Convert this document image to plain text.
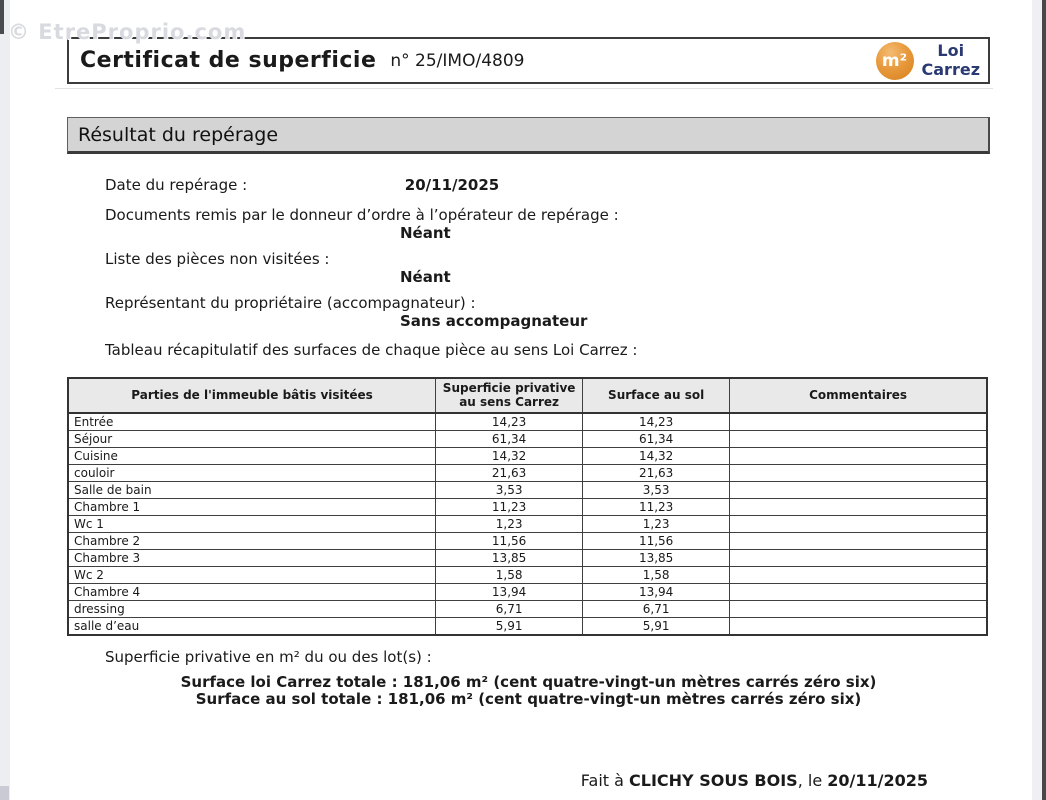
© EtreProprio.com
Certificat de superficie n° 25/IMO/4809	m²	Loi
Carrez
Résultat du repérage
Date du repérage :	20/11/2025
Documents remis par le donneur d’ordre à l’opérateur de repérage :
Néant
Liste des pièces non visitées :
Néant
Représentant du propriétaire (accompagnateur) :
Sans accompagnateur
Tableau récapitulatif des surfaces de chaque pièce au sens Loi Carrez :
Parties de l'immeuble bâtis visitées	Superficie privative au sens Carrez	Surface au sol	Commentaires
Entrée	14,23	14,23	
Séjour	61,34	61,34	
Cuisine	14,32	14,32	
couloir	21,63	21,63	
Salle de bain	3,53	3,53	
Chambre 1	11,23	11,23	
Wc 1	1,23	1,23	
Chambre 2	11,56	11,56	
Chambre 3	13,85	13,85	
Wc 2	1,58	1,58	
Chambre 4	13,94	13,94	
dressing	6,71	6,71	
salle d’eau	5,91	5,91	
Superficie privative en m² du ou des lot(s) :
Surface loi Carrez totale : 181,06 m² (cent quatre-vingt-un mètres carrés zéro six)
Surface au sol totale : 181,06 m² (cent quatre-vingt-un mètres carrés zéro six)
Fait à CLICHY SOUS BOIS, le 20/11/2025
